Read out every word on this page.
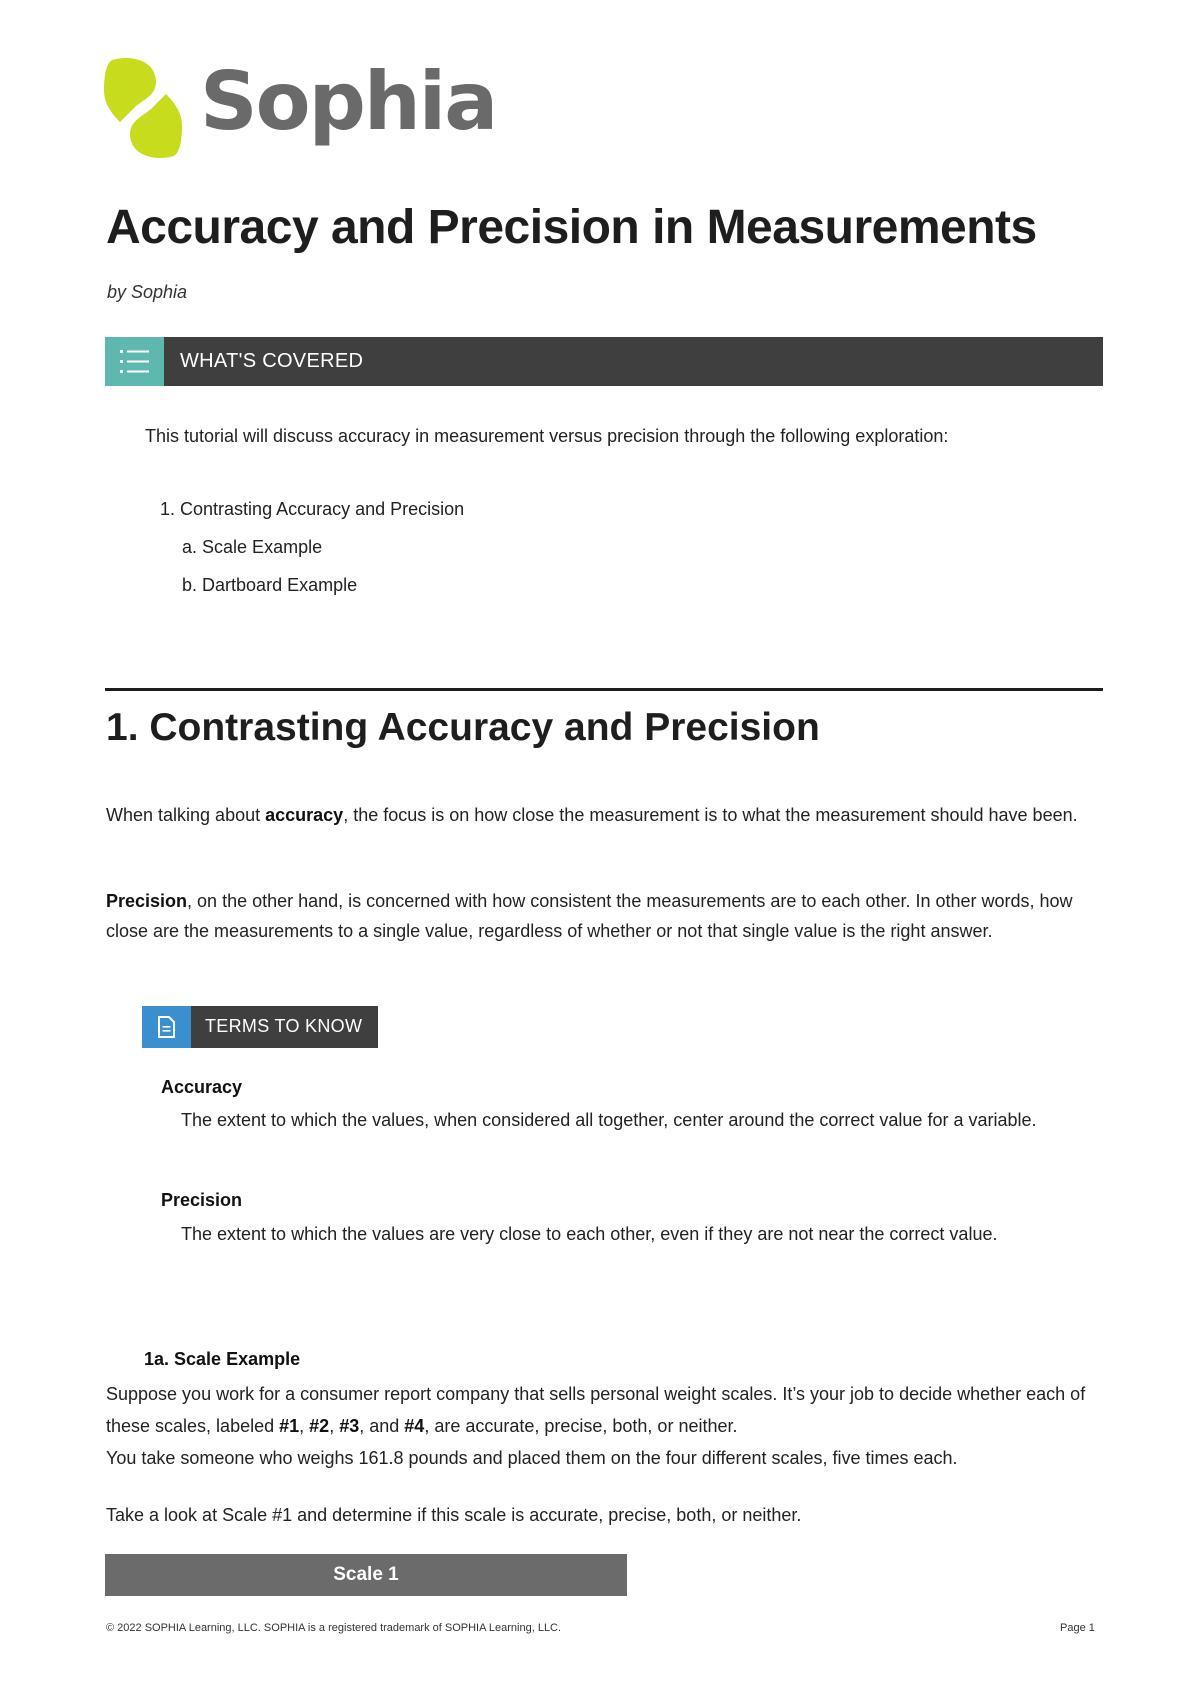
Sophia
Accuracy and Precision in Measurements
by Sophia
WHAT'S COVERED
This tutorial will discuss accuracy in measurement versus precision through the following exploration:
1. Contrasting Accuracy and Precision
a. Scale Example
b. Dartboard Example
1. Contrasting Accuracy and Precision

When talking about accuracy, the focus is on how close the measurement is to what the measurement should have been.

Precision, on the other hand, is concerned with how consistent the measurements are to each other. In other words, how close are the measurements to a single value, regardless of whether or not that single value is the right answer.

TERMS TO KNOW
Accuracy
The extent to which the values, when considered all together, center around the correct value for a variable.
Precision
The extent to which the values are very close to each other, even if they are not near the correct value.
1a. Scale Example

Suppose you work for a consumer report company that sells personal weight scales. It’s your job to decide whether each of these scales, labeled #1, #2, #3, and #4, are accurate, precise, both, or neither.

You take someone who weighs 161.8 pounds and placed them on the four different scales, five times each.

Take a look at Scale #1 and determine if this scale is accurate, precise, both, or neither.

Scale 1
© 2022 SOPHIA Learning, LLC. SOPHIA is a registered trademark of SOPHIA Learning, LLC.	Page 1
